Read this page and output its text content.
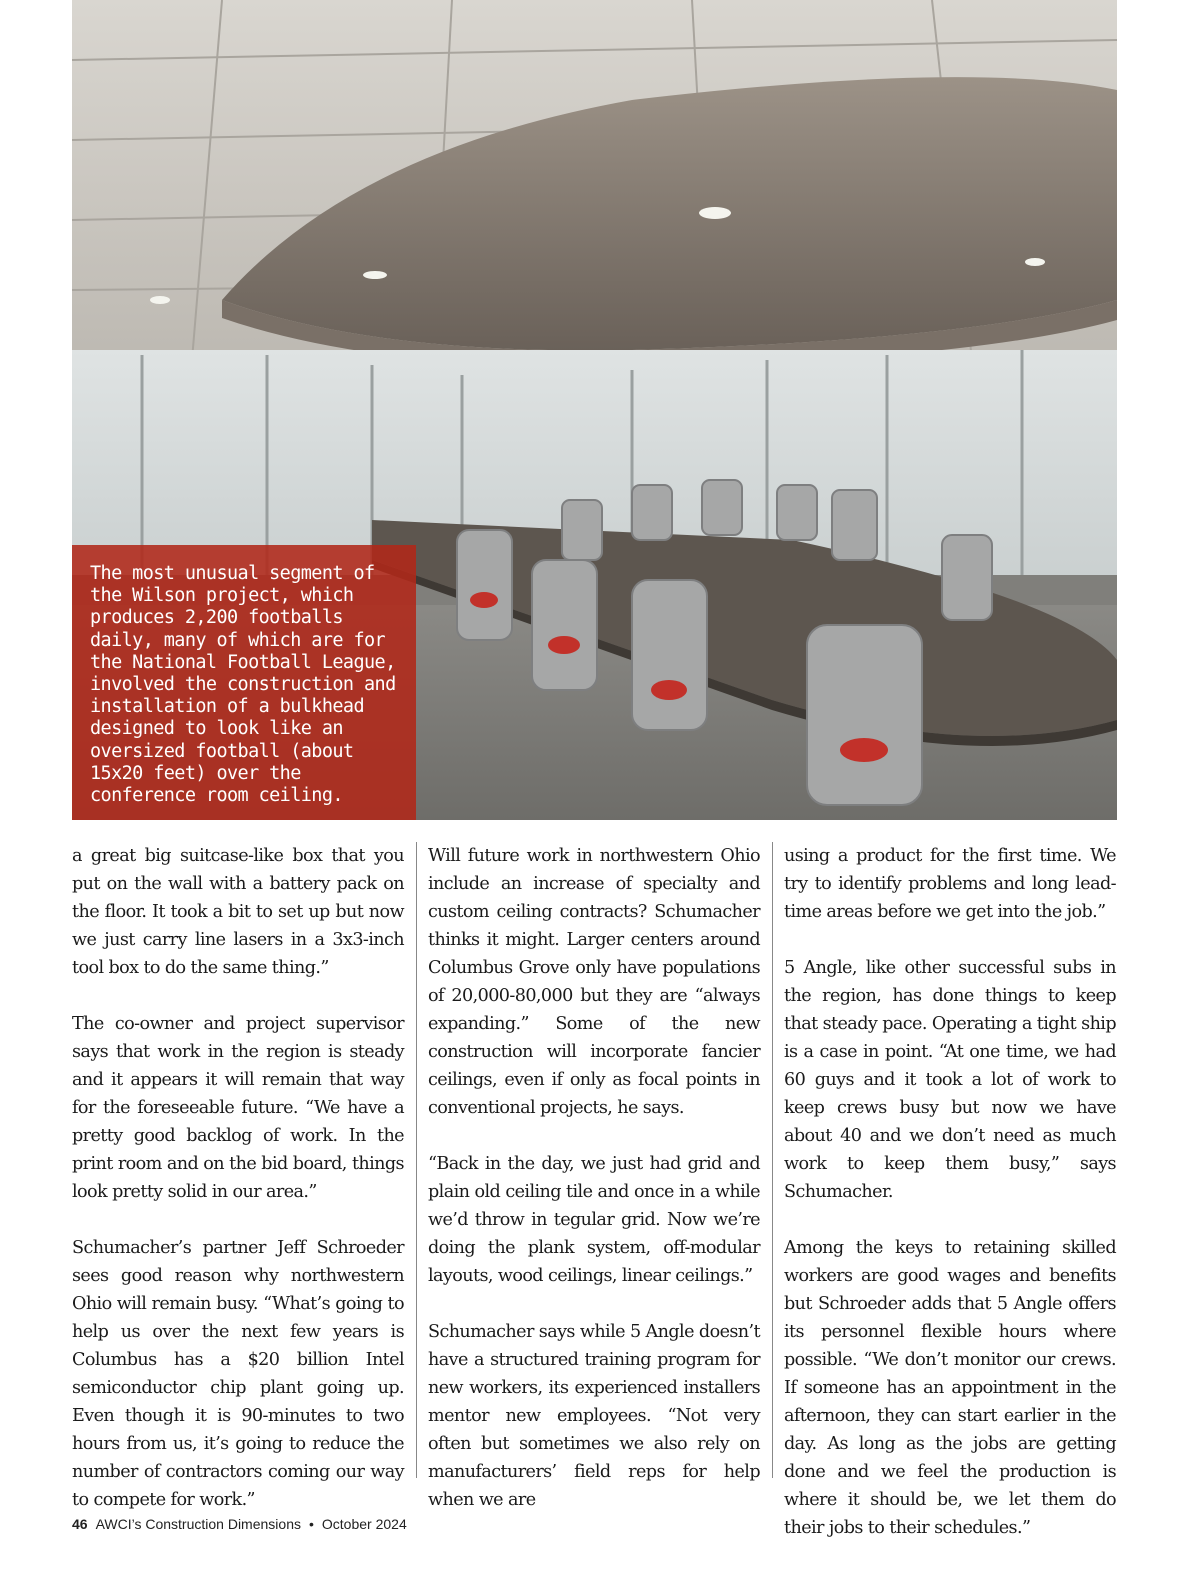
The most unusual segment of the Wilson project, which produces 2,200 footballs daily, many of which are for the National Football League, involved the construction and installation of a bulkhead designed to look like an oversized football (about 15x20 feet) over the conference room ceiling.

a great big suitcase-like box that you put on the wall with a battery pack on the floor. It took a bit to set up but now we just carry line lasers in a 3x3-inch tool box to do the same thing.”

The co-owner and project supervisor says that work in the region is steady and it appears it will remain that way for the foreseeable future. “We have a pretty good backlog of work. In the print room and on the bid board, things look pretty solid in our area.”

Schumacher’s partner Jeff Schroeder sees good reason why northwestern Ohio will remain busy. “What’s going to help us over the next few years is Columbus has a $20 billion Intel semiconductor chip plant going up. Even though it is 90-minutes to two hours from us, it’s going to reduce the number of contractors coming our way to compete for work.”

Will future work in northwestern Ohio include an increase of specialty and custom ceiling contracts? Schumacher thinks it might. Larger centers around Columbus Grove only have populations of 20,000-80,000 but they are “always expanding.” Some of the new construction will incorporate fancier ceilings, even if only as focal points in conventional projects, he says.

“Back in the day, we just had grid and plain old ceiling tile and once in a while we’d throw in tegular grid. Now we’re doing the plank system, off-modular layouts, wood ceilings, linear ceilings.”

Schumacher says while 5 Angle doesn’t have a structured training program for new workers, its experienced installers mentor new employees. “Not very often but sometimes we also rely on manufacturers’ field reps for help when we are

using a product for the first time. We try to identify problems and long lead-time areas before we get into the job.”

5 Angle, like other successful subs in the region, has done things to keep that steady pace. Operating a tight ship is a case in point. “At one time, we had 60 guys and it took a lot of work to keep crews busy but now we have about 40 and we don’t need as much work to keep them busy,” says Schumacher.

Among the keys to retaining skilled workers are good wages and benefits but Schroeder adds that 5 Angle offers its personnel flexible hours where possible. “We don’t monitor our crews. If someone has an appointment in the afternoon, they can start earlier in the day. As long as the jobs are getting done and we feel the production is where it should be, we let them do their jobs to their schedules.”

46 AWCI’s Construction Dimensions • October 2024
